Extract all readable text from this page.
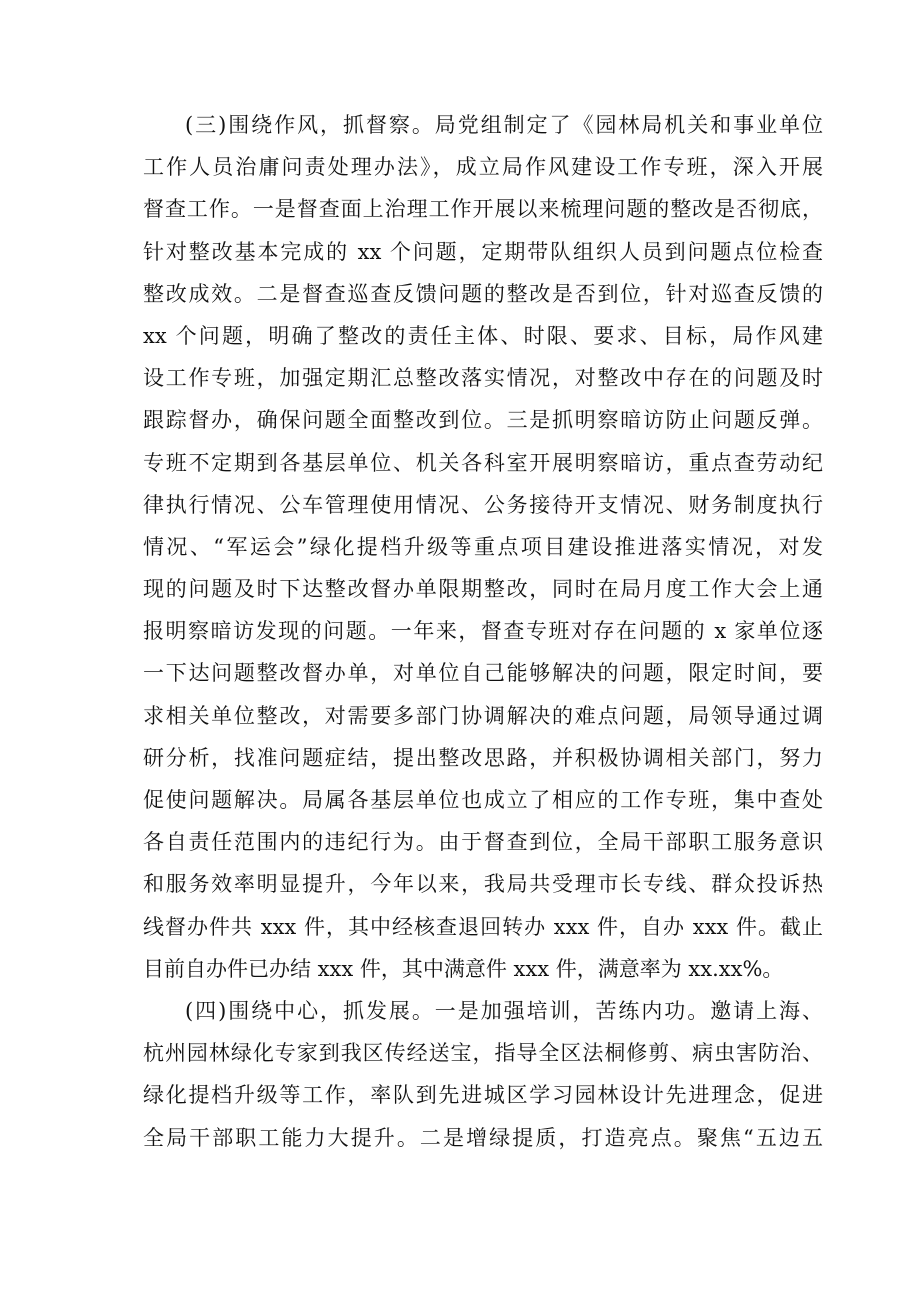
(三)围绕作风，抓督察。局党组制定了《园林局机关和事业单位
工作人员治庸问责处理办法》，成立局作风建设工作专班，深入开展
督查工作。一是督查面上治理工作开展以来梳理问题的整改是否彻底，
针对整改基本完成的 xx 个问题，定期带队组织人员到问题点位检查
整改成效。二是督查巡查反馈问题的整改是否到位，针对巡查反馈的
xx 个问题，明确了整改的责任主体、时限、要求、目标，局作风建
设工作专班，加强定期汇总整改落实情况，对整改中存在的问题及时
跟踪督办，确保问题全面整改到位。三是抓明察暗访防止问题反弹。
专班不定期到各基层单位、机关各科室开展明察暗访，重点查劳动纪
律执行情况、公车管理使用情况、公务接待开支情况、财务制度执行
情况、“军运会”绿化提档升级等重点项目建设推进落实情况，对发
现的问题及时下达整改督办单限期整改，同时在局月度工作大会上通
报明察暗访发现的问题。一年来，督查专班对存在问题的 x 家单位逐
一下达问题整改督办单，对单位自己能够解决的问题，限定时间，要
求相关单位整改，对需要多部门协调解决的难点问题，局领导通过调
研分析，找准问题症结，提出整改思路，并积极协调相关部门，努力
促使问题解决。局属各基层单位也成立了相应的工作专班，集中查处
各自责任范围内的违纪行为。由于督查到位，全局干部职工服务意识
和服务效率明显提升，今年以来，我局共受理市长专线、群众投诉热
线督办件共 xxx 件，其中经核查退回转办 xxx 件，自办 xxx 件。截止
目前自办件已办结 xxx 件，其中满意件 xxx 件，满意率为 xx.xx%。
(四)围绕中心，抓发展。一是加强培训，苦练内功。邀请上海、
杭州园林绿化专家到我区传经送宝，指导全区法桐修剪、病虫害防治、
绿化提档升级等工作，率队到先进城区学习园林设计先进理念，促进
全局干部职工能力大提升。二是增绿提质，打造亮点。聚焦“五边五
